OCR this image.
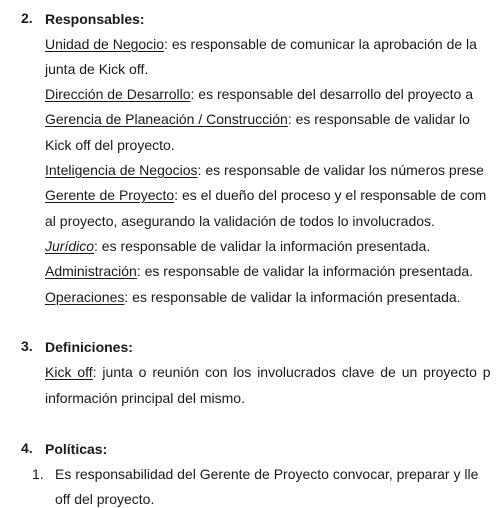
2. Responsables:
Unidad de Negocio: es responsable de comunicar la aprobación de la
junta de Kick off.
Dirección de Desarrollo: es responsable del desarrollo del proyecto a
Gerencia de Planeación / Construcción: es responsable de validar lo
Kick off del proyecto.
Inteligencia de Negocios: es responsable de validar los números prese
Gerente de Proyecto: es el dueño del proceso y el responsable de com
al proyecto, asegurando la validación de todos lo involucrados.
Jurídico: es responsable de validar la información presentada.
Administración: es responsable de validar la información presentada.
Operaciones: es responsable de validar la información presentada.
3. Definiciones:
Kick off: junta o reunión con los involucrados clave de un proyecto p
información principal del mismo.
4. Políticas:
1. Es responsabilidad del Gerente de Proyecto convocar, preparar y lle
off del proyecto.
